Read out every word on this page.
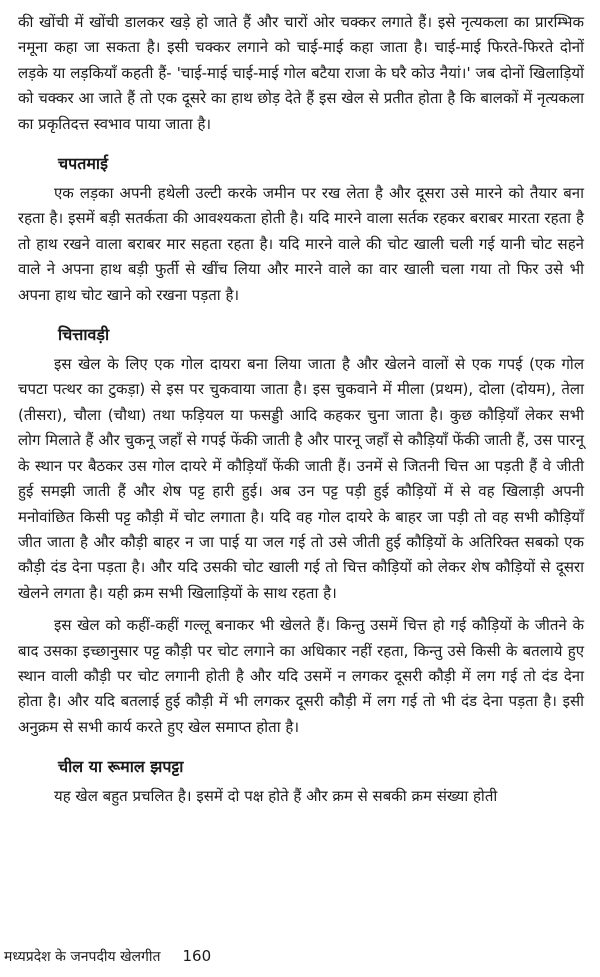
की खोंची में खोंची डालकर खड़े हो जाते हैं और चारों ओर चक्कर लगाते हैं। इसे नृत्यकला का प्रारम्भिक नमूना कहा जा सकता है। इसी चक्कर लगाने को चाई-माई कहा जाता है। चाई-माई फिरते-फिरते दोनों लड़के या लड़कियाँ कहती हैं- 'चाई-माई चाई-माई गोल बटैया राजा के घरै कोउ नैयां।' जब दोनों खिलाड़ियों को चक्कर आ जाते हैं तो एक दूसरे का हाथ छोड़ देते हैं इस खेल से प्रतीत होता है कि बालकों में नृत्यकला का प्रकृतिदत्त स्वभाव पाया जाता है।

चपतमाई

एक लड़का अपनी हथेली उल्टी करके जमीन पर रख लेता है और दूसरा उसे मारने को तैयार बना रहता है। इसमें बड़ी सतर्कता की आवश्यकता होती है। यदि मारने वाला सर्तक रहकर बराबर मारता रहता है तो हाथ रखने वाला बराबर मार सहता रहता है। यदि मारने वाले की चोट खाली चली गई यानी चोट सहने वाले ने अपना हाथ बड़ी फुर्ती से खींच लिया और मारने वाले का वार खाली चला गया तो फिर उसे भी अपना हाथ चोट खाने को रखना पड़ता है।

चित्तावड़ी

इस खेल के लिए एक गोल दायरा बना लिया जाता है और खेलने वालों से एक गपई (एक गोल चपटा पत्थर का टुकड़ा) से इस पर चुकवाया जाता है। इस चुकवाने में मीला (प्रथम), दोला (दोयम), तेला (तीसरा), चौला (चौथा) तथा फड़ियल या फसड्डी आदि कहकर चुना जाता है। कुछ कौड़ियाँ लेकर सभी लोग मिलाते हैं और चुकनू जहाँ से गपई फेंकी जाती है और पारनू जहाँ से कौड़ियाँ फेंकी जाती हैं, उस पारनू के स्थान पर बैठकर उस गोल दायरे में कौड़ियाँ फेंकी जाती हैं। उनमें से जितनी चित्त आ पड़ती हैं वे जीती हुई समझी जाती हैं और शेष पट्ट हारी हुई। अब उन पट्ट पड़ी हुई कौड़ियों में से वह खिलाड़ी अपनी मनोवांछित किसी पट्ट कौड़ी में चोट लगाता है। यदि वह गोल दायरे के बाहर जा पड़ी तो वह सभी कौड़ियाँ जीत जाता है और कौड़ी बाहर न जा पाई या जल गई तो उसे जीती हुई कौड़ियों के अतिरिक्त सबको एक कौड़ी दंड देना पड़ता है। और यदि उसकी चोट खाली गई तो चित्त कौड़ियों को लेकर शेष कौड़ियों से दूसरा खेलने लगता है। यही क्रम सभी खिलाड़ियों के साथ रहता है।

इस खेल को कहीं-कहीं गल्लू बनाकर भी खेलते हैं। किन्तु उसमें चित्त हो गई कौड़ियों के जीतने के बाद उसका इच्छानुसार पट्ट कौड़ी पर चोट लगाने का अधिकार नहीं रहता, किन्तु उसे किसी के बतलाये हुए स्थान वाली कौड़ी पर चोट लगानी होती है और यदि उसमें न लगकर दूसरी कौड़ी में लग गई तो दंड देना होता है। और यदि बतलाई हुई कौड़ी में भी लगकर दूसरी कौड़ी में लग गई तो भी दंड देना पड़ता है। इसी अनुक्रम से सभी कार्य करते हुए खेल समाप्त होता है।

चील या रूमाल झपट्टा

यह खेल बहुत प्रचलित है। इसमें दो पक्ष होते हैं और क्रम से सबकी क्रम संख्या होती

मध्यप्रदेश के जनपदीय खेलगीत 160
